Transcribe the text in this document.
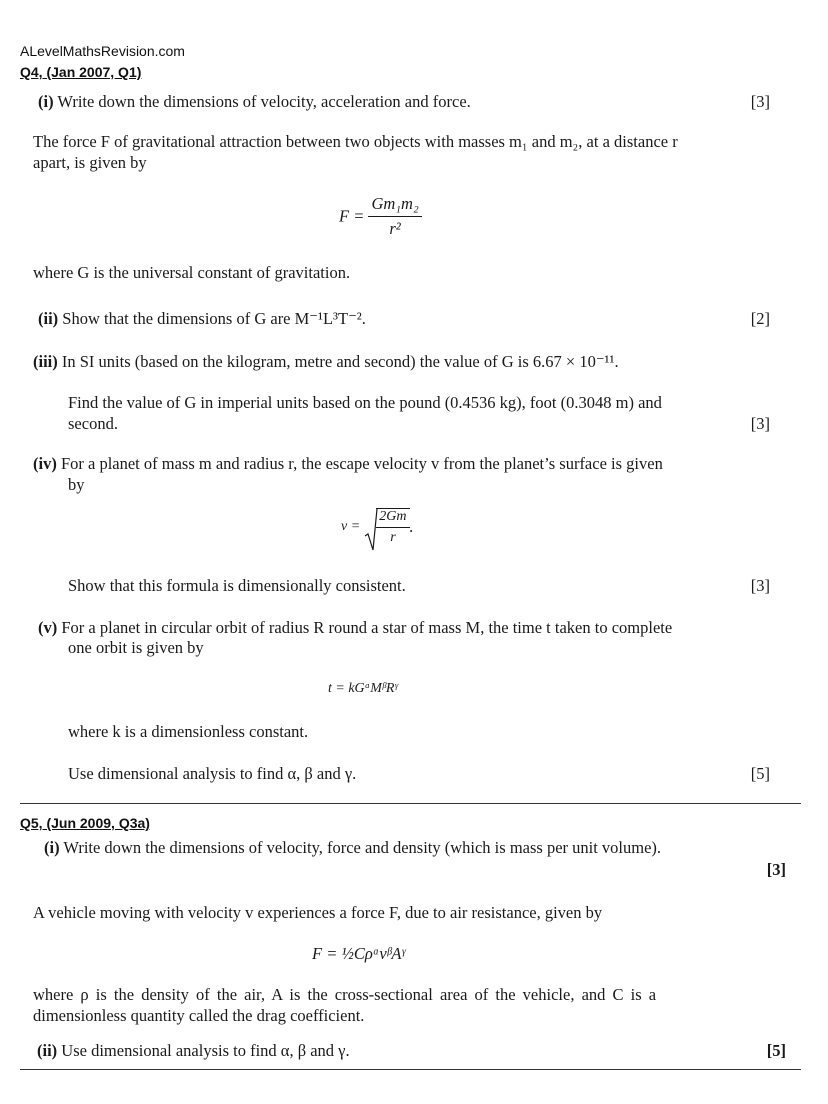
ALevelMathsRevision.com
Q4, (Jan 2007, Q1)
(i) Write down the dimensions of velocity, acceleration and force.	[3]
The force F of gravitational attraction between two objects with masses m₁ and m₂, at a distance r
apart, is given by
$F = \frac{\text{Gm₁m₂}}{\text{r²}}$
where G is the universal constant of gravitation.
(ii) Show that the dimensions of G are M⁻¹L³T⁻².	[2]
(iii) In SI units (based on the kilogram, metre and second) the value of G is 6.67 × 10⁻¹¹.
Find the value of G in imperial units based on the pound (0.4536 kg), foot (0.3048 m) and
second.	[3]
(iv) For a planet of mass m and radius r, the escape velocity v from the planet’s surface is given
by
$v = \frac{2Gm}{r}$ .
Show that this formula is dimensionally consistent.	[3]
(v) For a planet in circular orbit of radius R round a star of mass M, the time t taken to complete
one orbit is given by
t = kGᵅMᵝRᵞ
where k is a dimensionless constant.
Use dimensional analysis to find α, β and γ.	[5]
Q5, (Jun 2009, Q3a)
(i) Write down the dimensions of velocity, force and density (which is mass per unit volume).
[3]
A vehicle moving with velocity v experiences a force F, due to air resistance, given by
F = ½CρᵅvᵝAᵞ
where ρ is the density of the air, A is the cross-sectional area of the vehicle, and C is a
dimensionless quantity called the drag coefficient.
(ii) Use dimensional analysis to find α, β and γ.	[5]
